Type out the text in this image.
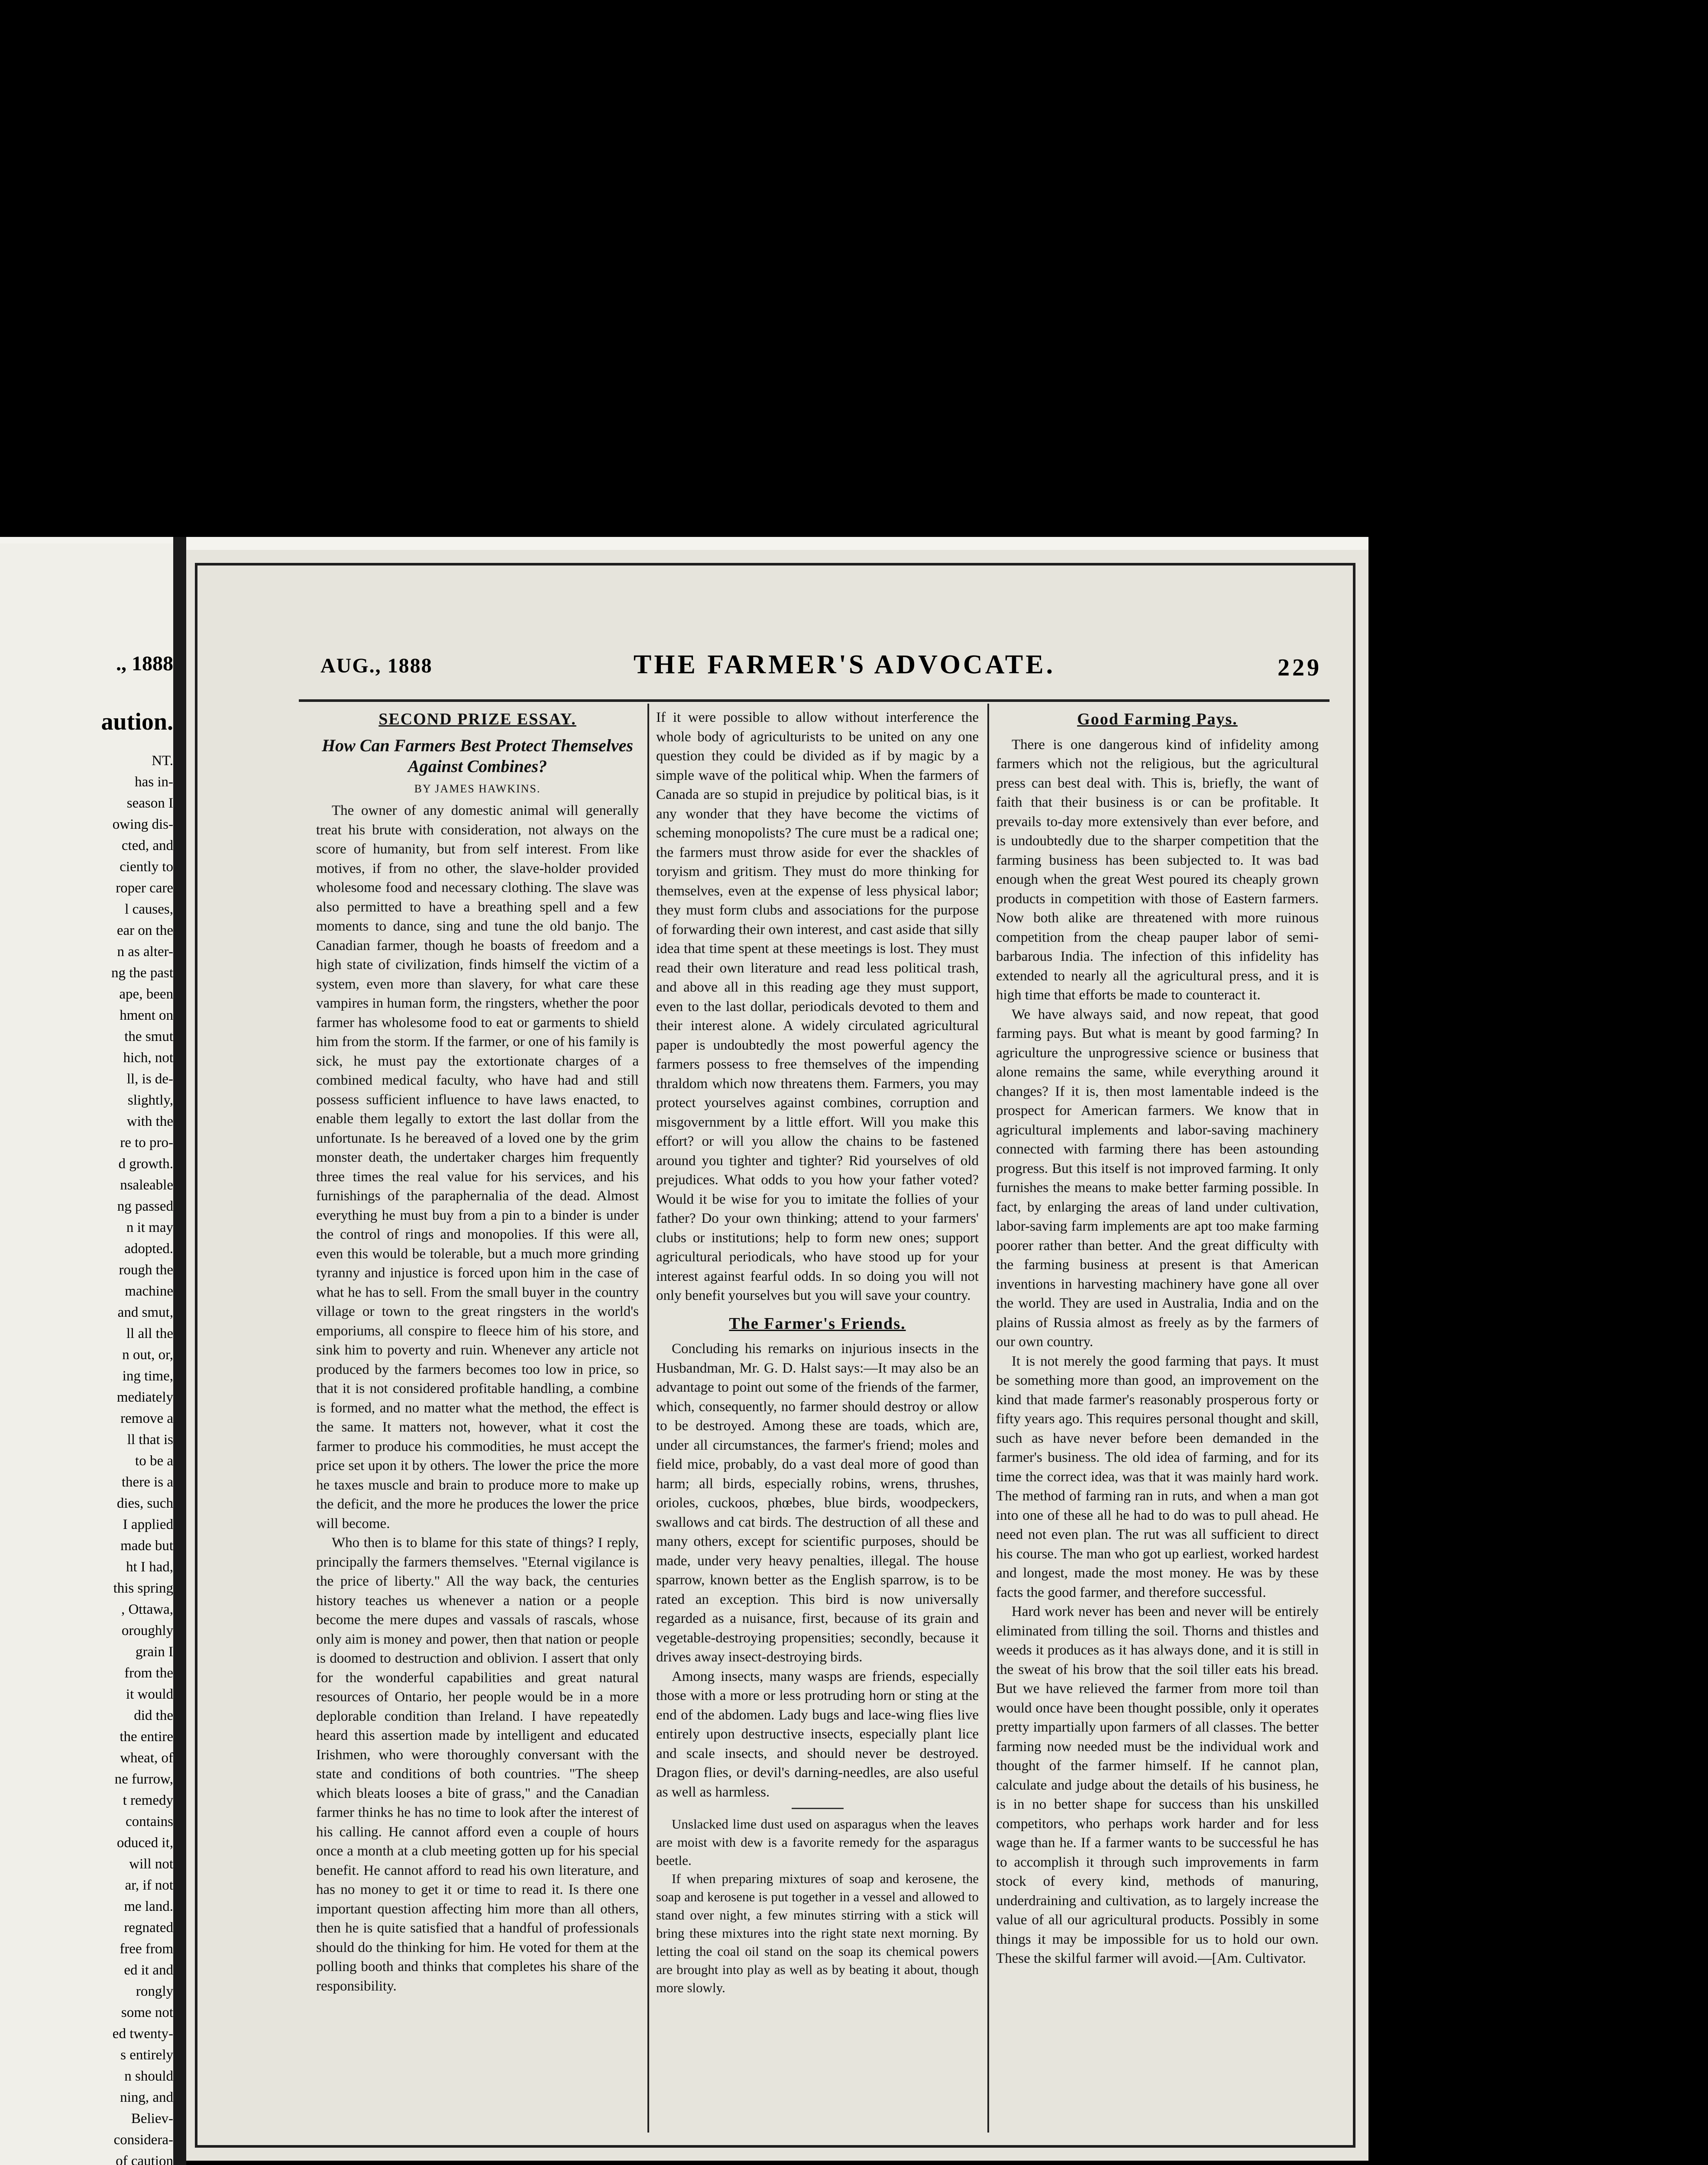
., 1888
aution.
NT.
has in-
season I
owing dis-
cted, and
ciently to
roper care
l causes,
ear on the
n as alter-
ng the past
ape, been
hment on
the smut
hich, not
ll, is de-
slightly,
with the
re to pro-
d growth.
nsaleable
ng passed
n it may
adopted.
rough the
machine
and smut,
ll all the
n out, or,
ing time,
mediately
remove a
ll that is
to be a
there is a
dies, such
I applied
made but
ht I had,
this spring
, Ottawa,
oroughly
grain I
from the
it would
did the
the entire
wheat, of
ne furrow,
t remedy
contains
oduced it,
will not
ar, if not
me land.
regnated
free from
ed it and
rongly
some not
ed twenty-
s entirely
n should
ning, and
Believ-
considera-
of caution
AUG., 1888	THE FARMER'S ADVOCATE.	229
SECOND PRIZE ESSAY.
How Can Farmers Best Protect Themselves Against Combines?

BY JAMES HAWKINS.

The owner of any domestic animal will generally treat his brute with consideration, not always on the score of humanity, but from self interest. From like motives, if from no other, the slave-holder provided wholesome food and necessary clothing. The slave was also permitted to have a breathing spell and a few moments to dance, sing and tune the old banjo. The Canadian farmer, though he boasts of freedom and a high state of civilization, finds himself the victim of a system, even more than slavery, for what care these vampires in human form, the ringsters, whether the poor farmer has wholesome food to eat or garments to shield him from the storm. If the farmer, or one of his family is sick, he must pay the extortionate charges of a combined medical faculty, who have had and still possess sufficient influence to have laws enacted, to enable them legally to extort the last dollar from the unfortunate. Is he bereaved of a loved one by the grim monster death, the undertaker charges him frequently three times the real value for his services, and his furnishings of the paraphernalia of the dead. Almost everything he must buy from a pin to a binder is under the control of rings and monopolies. If this were all, even this would be tolerable, but a much more grinding tyranny and injustice is forced upon him in the case of what he has to sell. From the small buyer in the country village or town to the great ringsters in the world's emporiums, all conspire to fleece him of his store, and sink him to poverty and ruin. Whenever any article not produced by the farmers becomes too low in price, so that it is not considered profitable handling, a combine is formed, and no matter what the method, the effect is the same. It matters not, however, what it cost the farmer to produce his commodities, he must accept the price set upon it by others. The lower the price the more he taxes muscle and brain to produce more to make up the deficit, and the more he produces the lower the price will become.

Who then is to blame for this state of things? I reply, principally the farmers themselves. "Eternal vigilance is the price of liberty." All the way back, the centuries history teaches us whenever a nation or a people become the mere dupes and vassals of rascals, whose only aim is money and power, then that nation or people is doomed to destruction and oblivion. I assert that only for the wonderful capabilities and great natural resources of Ontario, her people would be in a more deplorable condition than Ireland. I have repeatedly heard this assertion made by intelligent and educated Irishmen, who were thoroughly conversant with the state and conditions of both countries. "The sheep which bleats looses a bite of grass," and the Canadian farmer thinks he has no time to look after the interest of his calling. He cannot afford even a couple of hours once a month at a club meeting gotten up for his special benefit. He cannot afford to read his own literature, and has no money to get it or time to read it. Is there one important question affecting him more than all others, then he is quite satisfied that a handful of professionals should do the thinking for him. He voted for them at the polling booth and thinks that completes his share of the responsibility.

If it were possible to allow without interference the whole body of agriculturists to be united on any one question they could be divided as if by magic by a simple wave of the political whip. When the farmers of Canada are so stupid in prejudice by political bias, is it any wonder that they have become the victims of scheming monopolists? The cure must be a radical one; the farmers must throw aside for ever the shackles of toryism and gritism. They must do more thinking for themselves, even at the expense of less physical labor; they must form clubs and associations for the purpose of forwarding their own interest, and cast aside that silly idea that time spent at these meetings is lost. They must read their own literature and read less political trash, and above all in this reading age they must support, even to the last dollar, periodicals devoted to them and their interest alone. A widely circulated agricultural paper is undoubtedly the most powerful agency the farmers possess to free themselves of the impending thraldom which now threatens them. Farmers, you may protect yourselves against combines, corruption and misgovernment by a little effort. Will you make this effort? or will you allow the chains to be fastened around you tighter and tighter? Rid yourselves of old prejudices. What odds to you how your father voted? Would it be wise for you to imitate the follies of your father? Do your own thinking; attend to your farmers' clubs or institutions; help to form new ones; support agricultural periodicals, who have stood up for your interest against fearful odds. In so doing you will not only benefit yourselves but you will save your country.

The Farmer's Friends.

Concluding his remarks on injurious insects in the Husbandman, Mr. G. D. Halst says:—It may also be an advantage to point out some of the friends of the farmer, which, consequently, no farmer should destroy or allow to be destroyed. Among these are toads, which are, under all circumstances, the farmer's friend; moles and field mice, probably, do a vast deal more of good than harm; all birds, especially robins, wrens, thrushes, orioles, cuckoos, phœbes, blue birds, woodpeckers, swallows and cat birds. The destruction of all these and many others, except for scientific purposes, should be made, under very heavy penalties, illegal. The house sparrow, known better as the English sparrow, is to be rated an exception. This bird is now universally regarded as a nuisance, first, because of its grain and vegetable-destroying propensities; secondly, because it drives away insect-destroying birds.

Among insects, many wasps are friends, especially those with a more or less protruding horn or sting at the end of the abdomen. Lady bugs and lace-wing flies live entirely upon destructive insects, especially plant lice and scale insects, and should never be destroyed. Dragon flies, or devil's darning-needles, are also useful as well as harmless.

Unslacked lime dust used on asparagus when the leaves are moist with dew is a favorite remedy for the asparagus beetle.

If when preparing mixtures of soap and kerosene, the soap and kerosene is put together in a vessel and allowed to stand over night, a few minutes stirring with a stick will bring these mixtures into the right state next morning. By letting the coal oil stand on the soap its chemical powers are brought into play as well as by beating it about, though more slowly.

Good Farming Pays.

There is one dangerous kind of infidelity among farmers which not the religious, but the agricultural press can best deal with. This is, briefly, the want of faith that their business is or can be profitable. It prevails to-day more extensively than ever before, and is undoubtedly due to the sharper competition that the farming business has been subjected to. It was bad enough when the great West poured its cheaply grown products in competition with those of Eastern farmers. Now both alike are threatened with more ruinous competition from the cheap pauper labor of semi-barbarous India. The infection of this infidelity has extended to nearly all the agricultural press, and it is high time that efforts be made to counteract it.

We have always said, and now repeat, that good farming pays. But what is meant by good farming? In agriculture the unprogressive science or business that alone remains the same, while everything around it changes? If it is, then most lamentable indeed is the prospect for American farmers. We know that in agricultural implements and labor-saving machinery connected with farming there has been astounding progress. But this itself is not improved farming. It only furnishes the means to make better farming possible. In fact, by enlarging the areas of land under cultivation, labor-saving farm implements are apt too make farming poorer rather than better. And the great difficulty with the farming business at present is that American inventions in harvesting machinery have gone all over the world. They are used in Australia, India and on the plains of Russia almost as freely as by the farmers of our own country.

It is not merely the good farming that pays. It must be something more than good, an improvement on the kind that made farmer's reasonably prosperous forty or fifty years ago. This requires personal thought and skill, such as have never before been demanded in the farmer's business. The old idea of farming, and for its time the correct idea, was that it was mainly hard work. The method of farming ran in ruts, and when a man got into one of these all he had to do was to pull ahead. He need not even plan. The rut was all sufficient to direct his course. The man who got up earliest, worked hardest and longest, made the most money. He was by these facts the good farmer, and therefore successful.

Hard work never has been and never will be entirely eliminated from tilling the soil. Thorns and thistles and weeds it produces as it has always done, and it is still in the sweat of his brow that the soil tiller eats his bread. But we have relieved the farmer from more toil than would once have been thought possible, only it operates pretty impartially upon farmers of all classes. The better farming now needed must be the individual work and thought of the farmer himself. If he cannot plan, calculate and judge about the details of his business, he is in no better shape for success than his unskilled competitors, who perhaps work harder and for less wage than he. If a farmer wants to be successful he has to accomplish it through such improvements in farm stock of every kind, methods of manuring, underdraining and cultivation, as to largely increase the value of all our agricultural products. Possibly in some things it may be impossible for us to hold our own. These the skilful farmer will avoid.—[Am. Cultivator.
